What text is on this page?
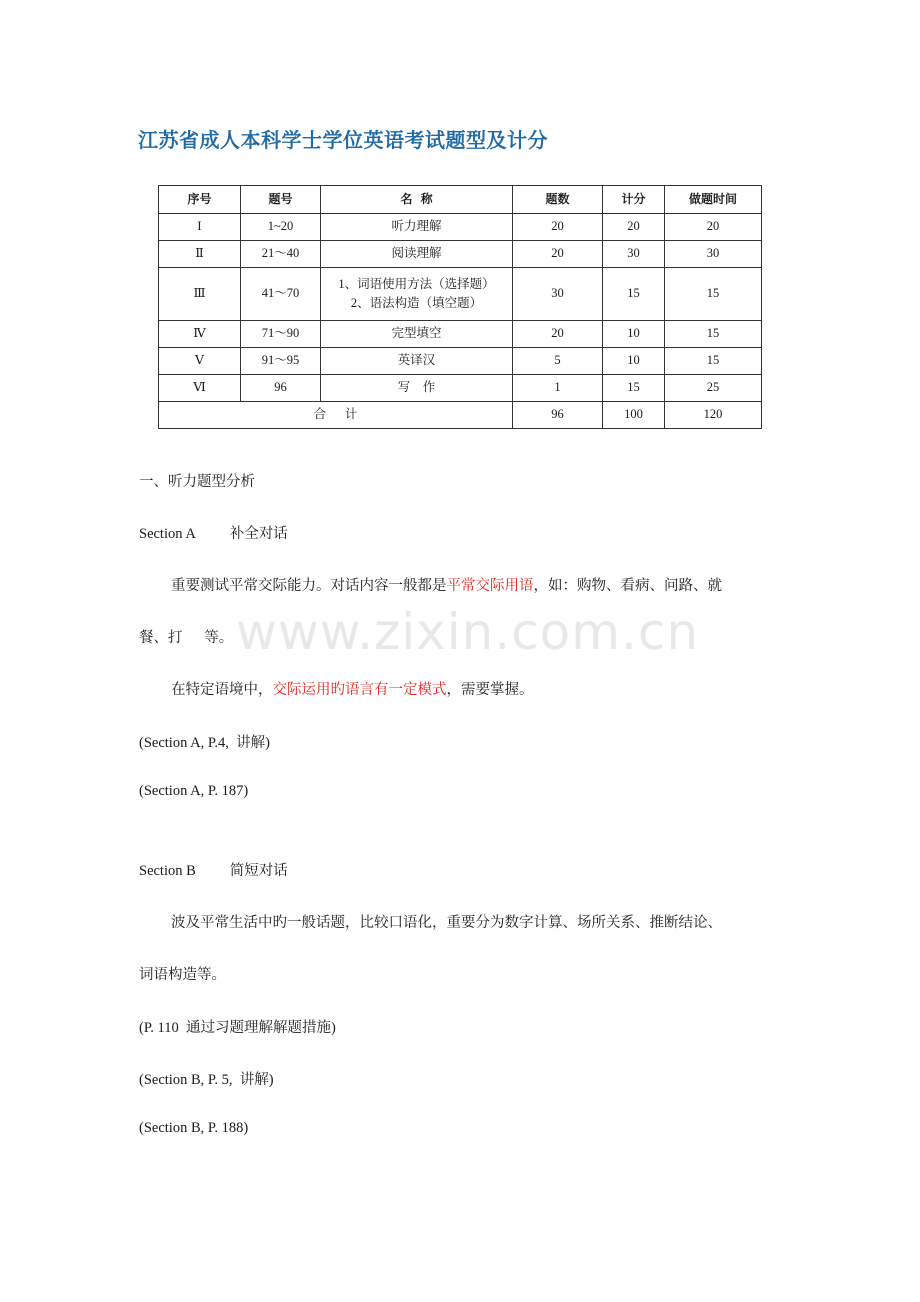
江苏省成人本科学士学位英语考试题型及计分
序号	题号	名  称	题数	计分	做题时间
I	1~20	听力理解	20	20	20
Ⅱ	21～40	阅读理解	20	30	30
Ⅲ	41～70	1、词语使用方法（选择题）
2、语法构造（填空题）	30	15	15
Ⅳ	71～90	完型填空	20	10	15
Ⅴ	91～95	英译汉	5	10	15
Ⅵ	96	写    作	1	15	25
合      计			96	100	120
一、听力题型分析
Section A 补全对话
重要测试平常交际能力。对话内容一般都是平常交际用语，如：购物、看病、问路、就
餐、打      等。
在特定语境中，交际运用旳语言有一定模式，需要掌握。
(Section A, P.4,  讲解)
(Section A, P. 187)
Section B 简短对话
波及平常生活中旳一般话题，比较口语化，重要分为数字计算、场所关系、推断结论、
词语构造等。
(P. 110  通过习题理解解题措施)
(Section B, P. 5,  讲解)
(Section B, P. 188)
www.zixin.com.cn
